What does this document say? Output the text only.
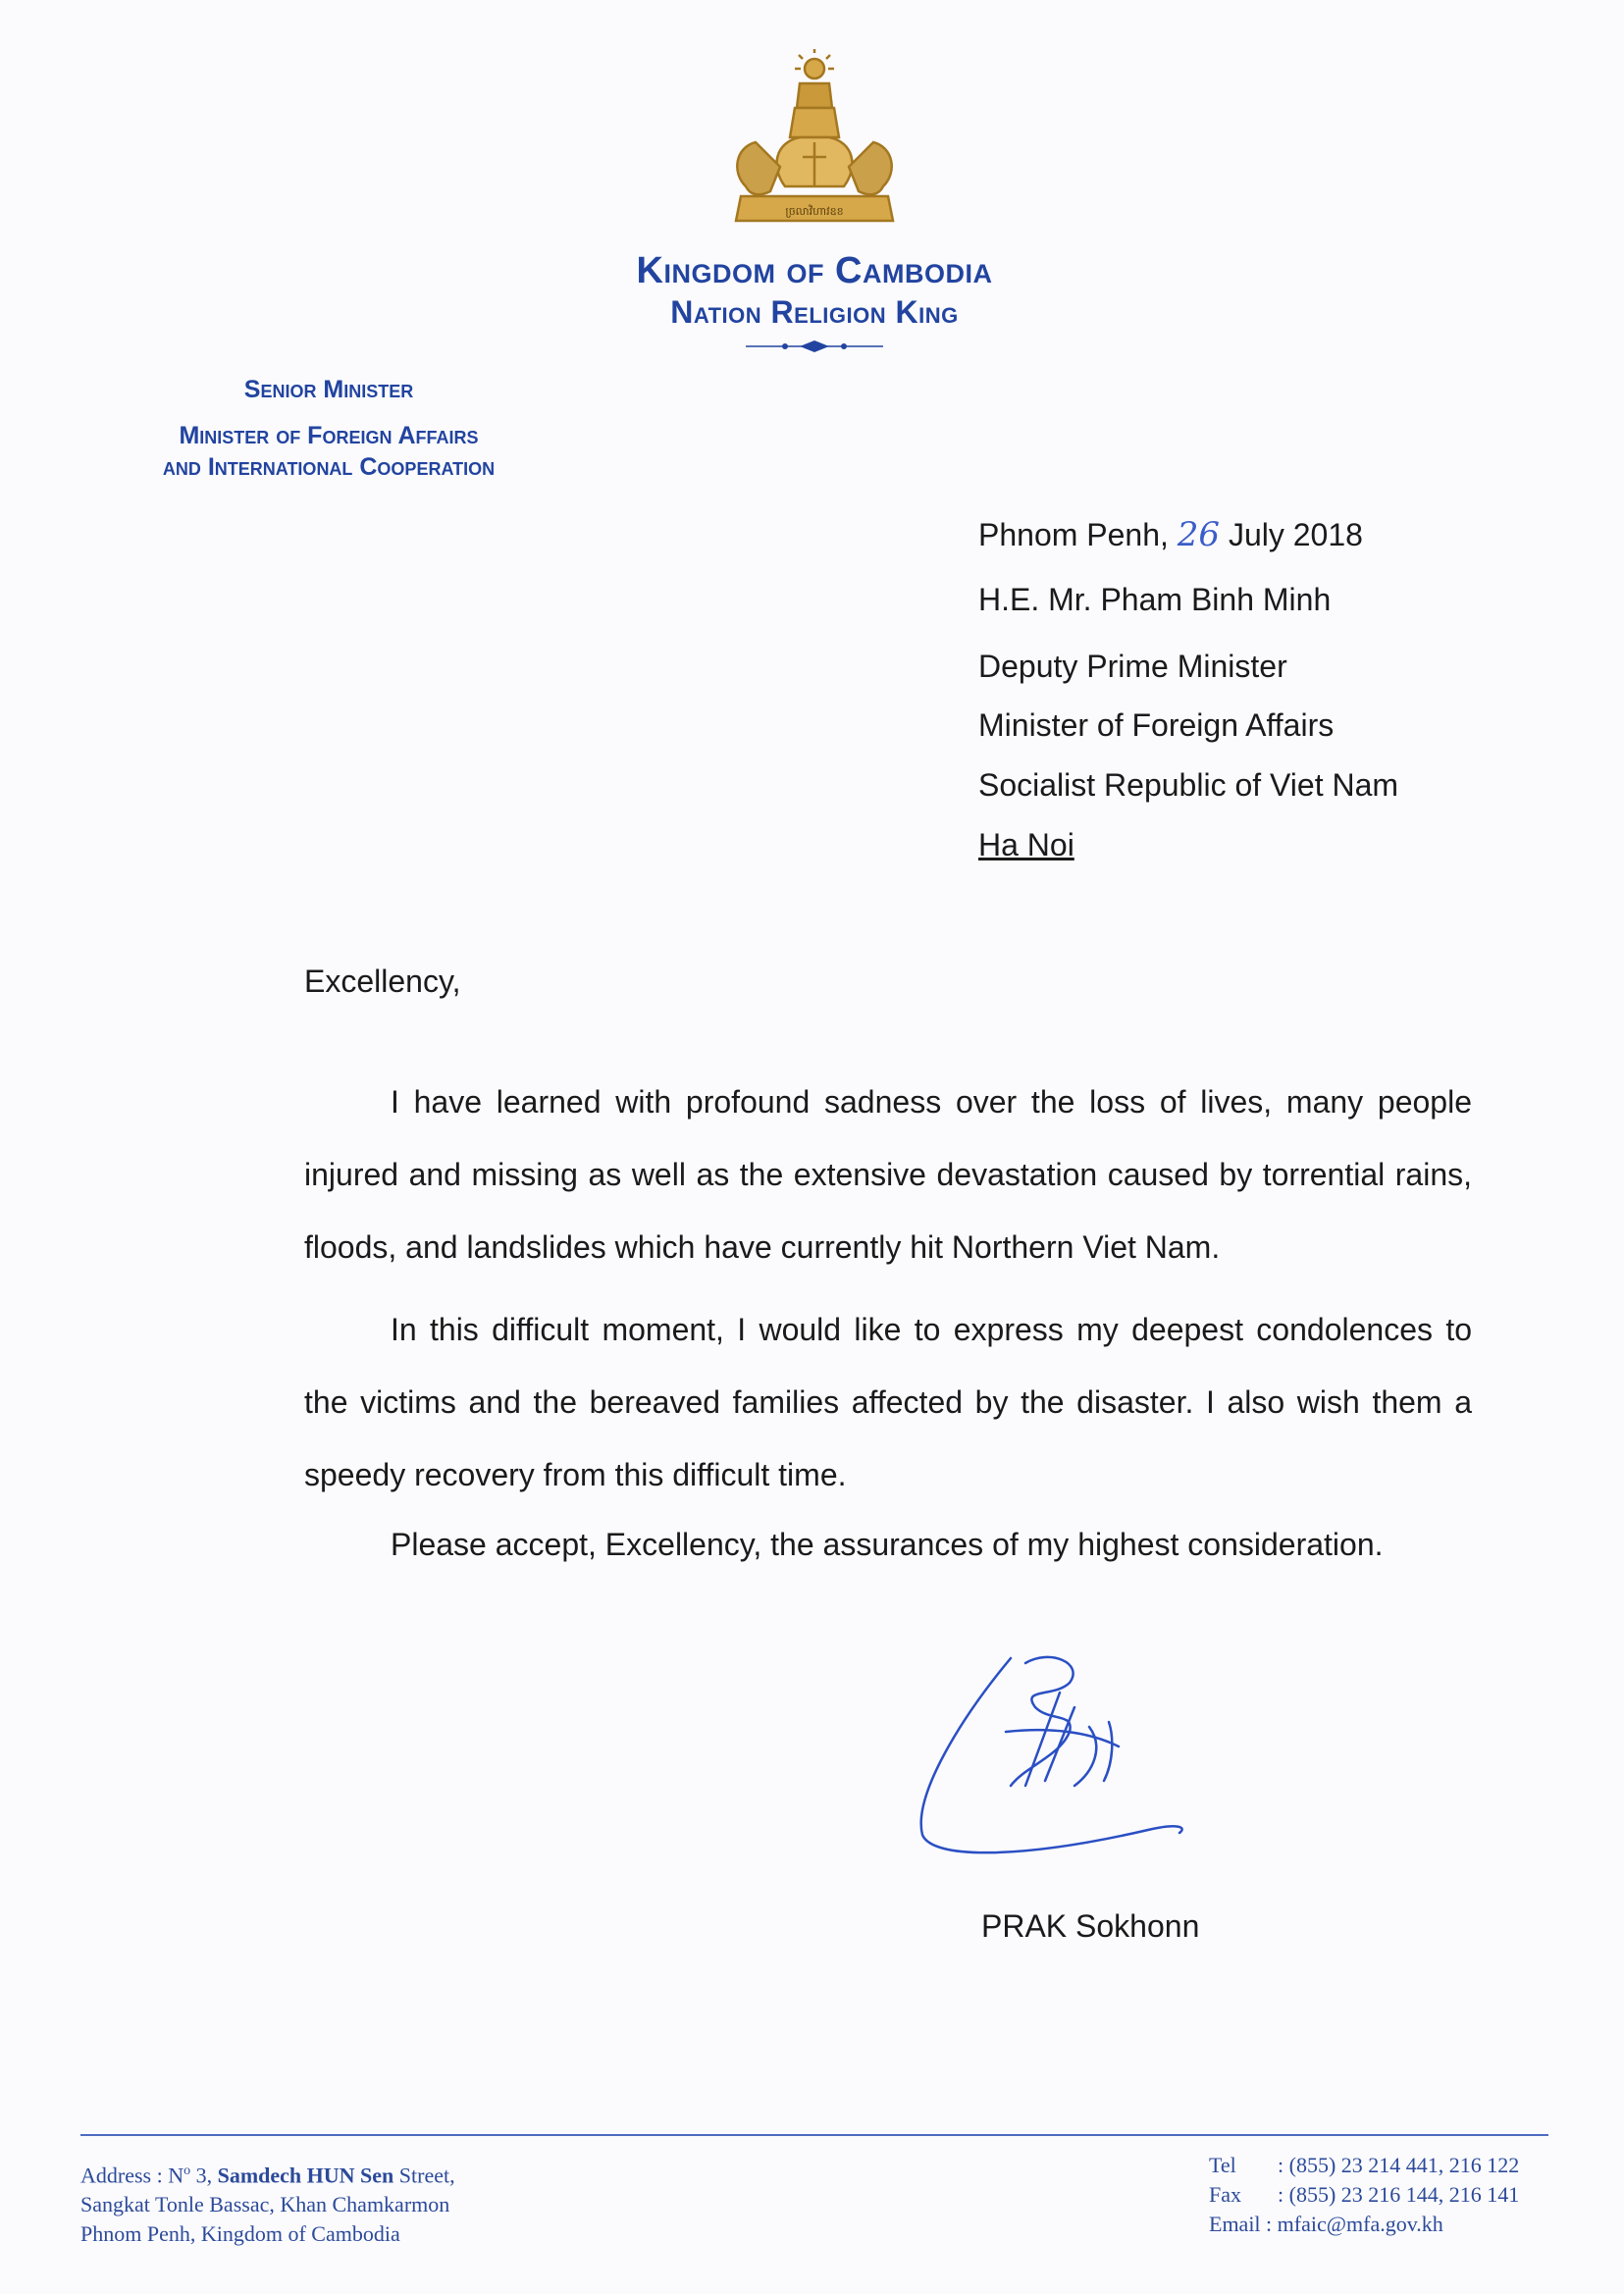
ច្រលាវិហាវឧខ
Kingdom of Cambodia
Nation Religion King
Senior Minister
Minister of Foreign Affairs
and International Cooperation
Phnom Penh, 26 July 2018
H.E. Mr. Pham Binh Minh
Deputy Prime Minister
Minister of Foreign Affairs
Socialist Republic of Viet Nam
Ha Noi
Excellency,

I have learned with profound sadness over the loss of lives, many people injured and missing as well as the extensive devastation caused by torrential rains, floods, and landslides which have currently hit Northern Viet Nam.

In this difficult moment, I would like to express my deepest condolences to the victims and the bereaved families affected by the disaster. I also wish them a speedy recovery from this difficult time.

Please accept, Excellency, the assurances of my highest consideration.
PRAK Sokhonn
Address : $N^o$ 3, Samdech HUN Sen Street,
Sangkat Tonle Bassac, Khan Chamkarmon
Phnom Penh, Kingdom of Cambodia
Tel : (855) 23 214 441, 216 122
Fax : (855) 23 216 144, 216 141
Email : mfaic@mfa.gov.kh
